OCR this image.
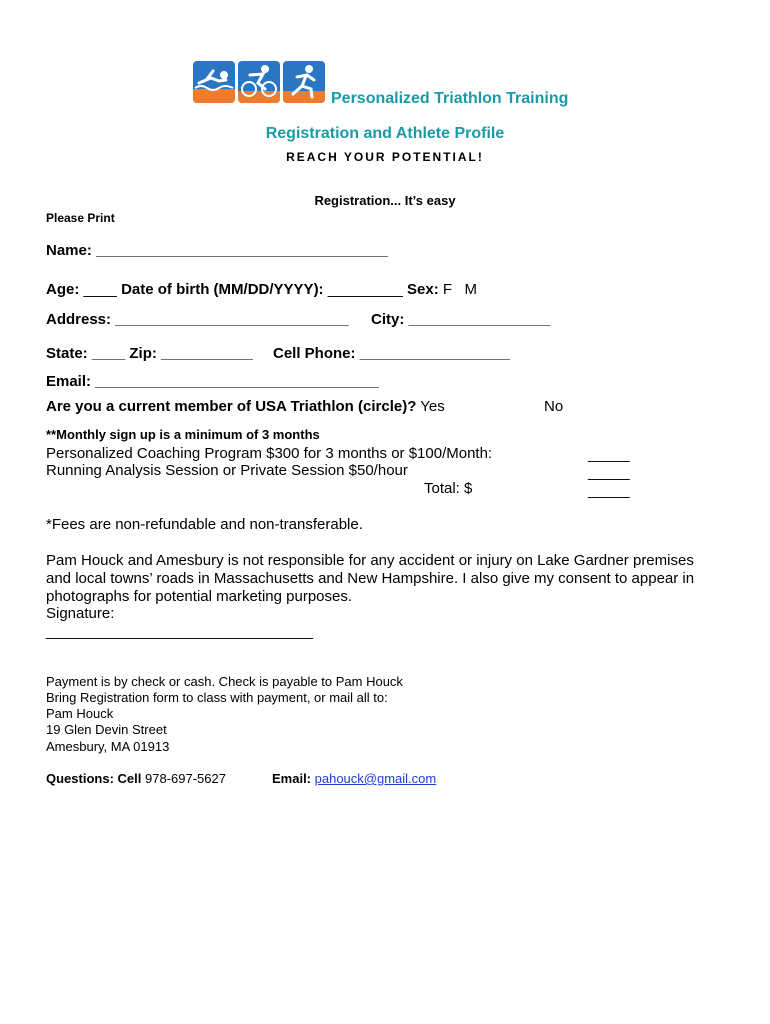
Personalized Triathlon Training
Registration and Athlete Profile
REACH YOUR POTENTIAL!
Registration... It’s easy
Please Print
Name: ___________________________________
Age: ____ Date of birth (MM/DD/YYYY): _________ Sex: F   M
Address: ____________________________ City: _________________
State: ____ Zip: ___________ Cell Phone: __________________
Email: __________________________________
Are you a current member of USA Triathlon (circle)? Yes	No
**Monthly sign up is a minimum of 3 months
Personalized Coaching Program $300 for 3 months or $100/Month:
Running Analysis Session or Private Session $50/hour
Total: $
_____
_____
_____
*Fees are non-refundable and non-transferable.
Pam Houck and Amesbury is not responsible for any accident or injury on Lake Gardner premises
and local towns’ roads in Massachusetts and New Hampshire. I also give my consent to appear in
photographs for potential marketing purposes.
Signature:
________________________________
Payment is by check or cash. Check is payable to Pam Houck
Bring Registration form to class with payment, or mail all to:
Pam Houck
19 Glen Devin Street
Amesbury, MA 01913
Questions: Cell 978-697-5627	Email: pahouck@gmail.com
